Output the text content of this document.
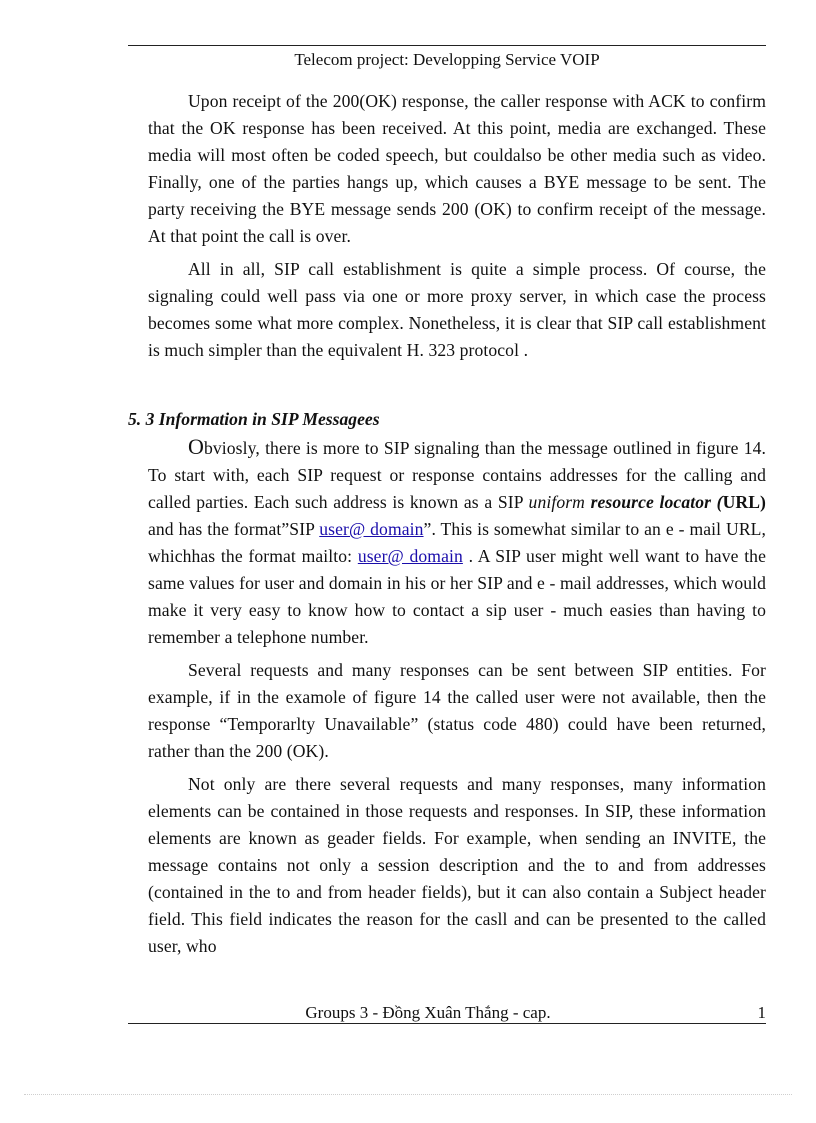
Telecom project: Developping Service VOIP

Upon receipt of the 200(OK) response, the caller response with ACK to confirm that the OK response has been received. At this point, media are exchanged. These media will most often be coded speech, but couldalso be other media such as video. Finally, one of the parties hangs up, which causes a BYE message to be sent. The party receiving the BYE message sends 200 (OK) to confirm receipt of the message. At that point the call is over.

All in all, SIP call establishment is quite a simple process. Of course, the signaling could well pass via one or more proxy server, in which case the process becomes some what more complex. Nonetheless, it is clear that SIP call establishment is much simpler than the equivalent H. 323 protocol .

5. 3 Information in SIP Messagees

Obviosly, there is more to SIP signaling than the message outlined in figure 14. To start with, each SIP request or response contains addresses for the calling and called parties. Each such address is known as a SIP uniform resource locator (URL) and has the format”SIP user@ domain”. This is somewhat similar to an e - mail URL, whichhas the format mailto: user@ domain . A SIP user might well want to have the same values for user and domain in his or her SIP and e - mail addresses, which would make it very easy to know how to contact a sip user - much easies than having to remember a telephone number.

Several requests and many responses can be sent between SIP entities. For example, if in the examole of figure 14 the called user were not available, then the response “Temporarlty Unavailable” (status code 480) could have been returned, rather than the 200 (OK).

Not only are there several requests and many responses, many information elements can be contained in those requests and responses. In SIP, these information elements are known as geader fields. For example, when sending an INVITE, the message contains not only a session description and the to and from addresses (contained in the to and from header fields), but it can also contain a Subject header field. This field indicates the reason for the casll and can be presented to the called user, who

Groups 3 - Đồng Xuân Thắng - cap.	1
